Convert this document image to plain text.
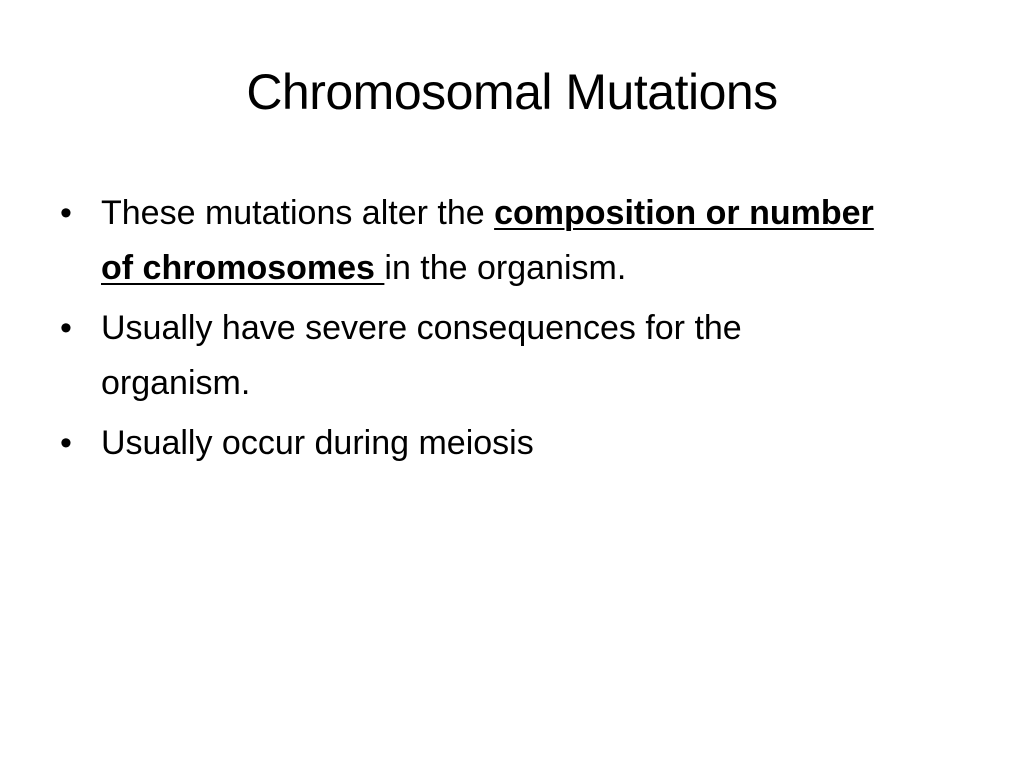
Chromosomal Mutations
• These mutations alter the composition or number of chromosomes in the organism.
• Usually have severe consequences for the organism.
• Usually occur during meiosis
